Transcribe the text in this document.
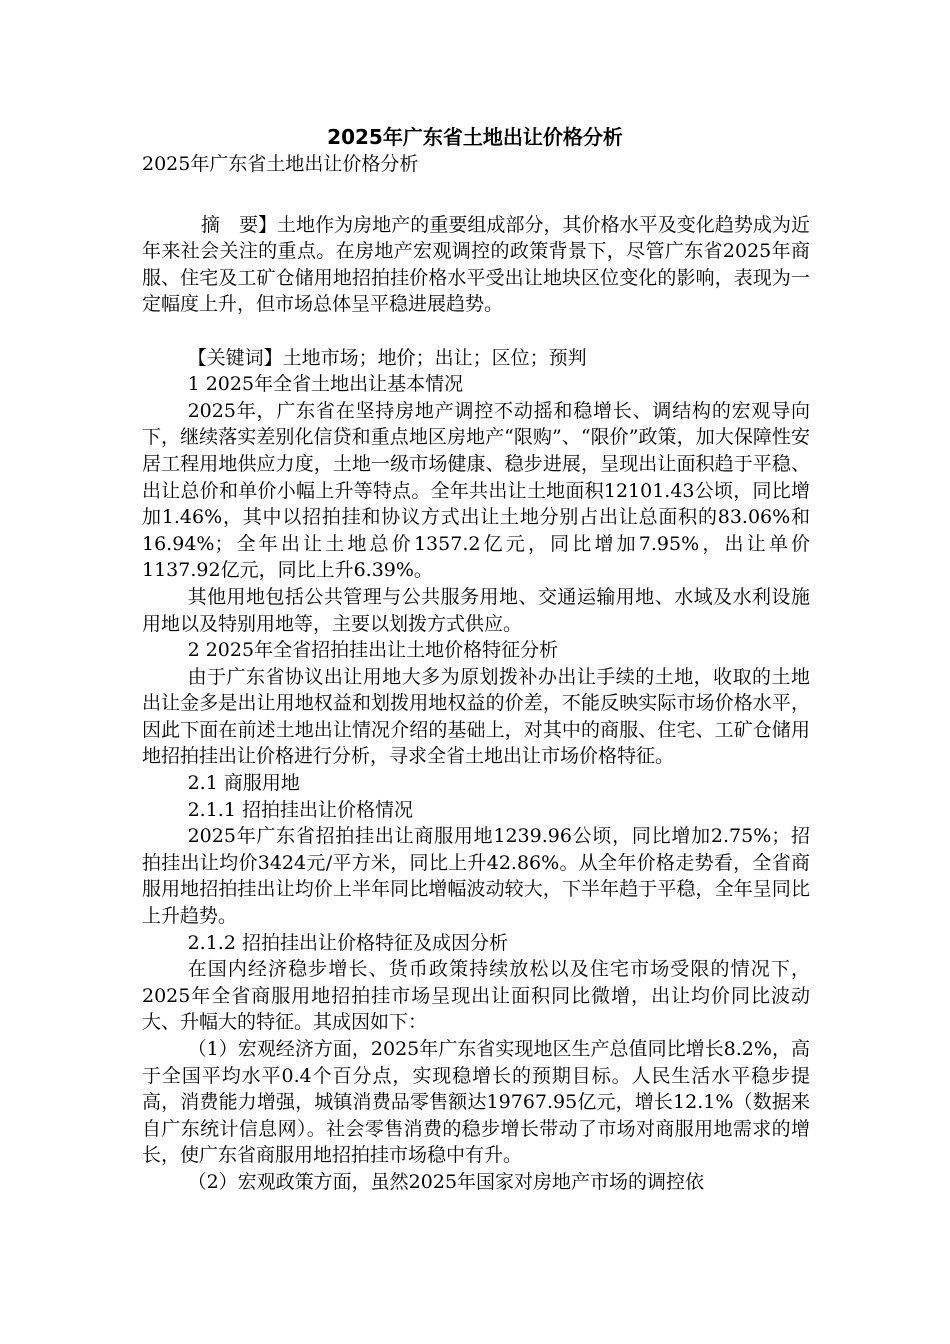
2025年广东省土地出让价格分析

2025年广东省土地出让价格分析

摘　要】土地作为房地产的重要组成部分，其价格水平及变化趋势成为近年来社会关注的重点。在房地产宏观调控的政策背景下，尽管广东省2025年商服、住宅及工矿仓储用地招拍挂价格水平受出让地块区位变化的影响，表现为一定幅度上升，但市场总体呈平稳进展趋势。

【关键词】土地市场；地价；出让；区位；预判

1 2025年全省土地出让基本情况

2025年，广东省在坚持房地产调控不动摇和稳增长、调结构的宏观导向下，继续落实差别化信贷和重点地区房地产“限购”、“限价”政策，加大保障性安居工程用地供应力度，土地一级市场健康、稳步进展，呈现出让面积趋于平稳、出让总价和单价小幅上升等特点。全年共出让土地面积12101.43公顷，同比增加1.46%，其中以招拍挂和协议方式出让土地分别占出让总面积的83.06%和16.94%；全年出让土地总价1357.2亿元，同比增加7.95%，出让单价1137.92亿元，同比上升6.39%。

其他用地包括公共管理与公共服务用地、交通运输用地、水域及水利设施用地以及特别用地等，主要以划拨方式供应。

2 2025年全省招拍挂出让土地价格特征分析

由于广东省协议出让用地大多为原划拨补办出让手续的土地，收取的土地出让金多是出让用地权益和划拨用地权益的价差，不能反映实际市场价格水平，因此下面在前述土地出让情况介绍的基础上，对其中的商服、住宅、工矿仓储用地招拍挂出让价格进行分析，寻求全省土地出让市场价格特征。

2.1 商服用地

2.1.1 招拍挂出让价格情况

2025年广东省招拍挂出让商服用地1239.96公顷，同比增加2.75%；招拍挂出让均价3424元/平方米，同比上升42.86%。从全年价格走势看，全省商服用地招拍挂出让均价上半年同比增幅波动较大，下半年趋于平稳，全年呈同比上升趋势。

2.1.2 招拍挂出让价格特征及成因分析

在国内经济稳步增长、货币政策持续放松以及住宅市场受限的情况下，2025年全省商服用地招拍挂市场呈现出让面积同比微增，出让均价同比波动大、升幅大的特征。其成因如下：

（1）宏观经济方面，2025年广东省实现地区生产总值同比增长8.2%，高于全国平均水平0.4个百分点，实现稳增长的预期目标。人民生活水平稳步提高，消费能力增强，城镇消费品零售额达19767.95亿元，增长12.1%（数据来自广东统计信息网）。社会零售消费的稳步增长带动了市场对商服用地需求的增长，使广东省商服用地招拍挂市场稳中有升。

（2）宏观政策方面，虽然2025年国家对房地产市场的调控依
